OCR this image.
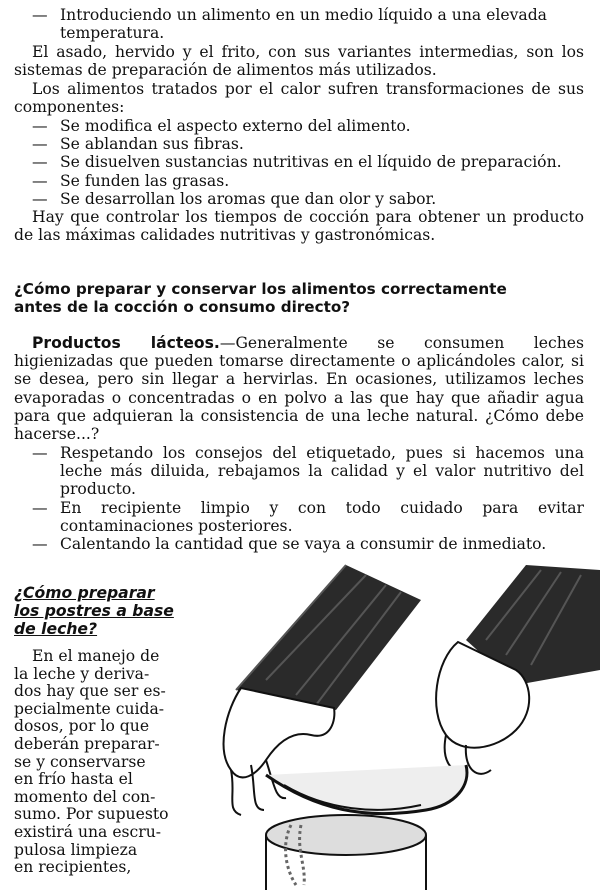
— Introduciendo un alimento en un medio líquido a una elevada
temperatura.
El asado, hervido y el frito, con sus variantes intermedias, son los sistemas de preparación de alimentos más utilizados.
Los alimentos tratados por el calor sufren transformaciones de sus componentes:
— Se modifica el aspecto externo del alimento.
— Se ablandan sus fibras.
— Se disuelven sustancias nutritivas en el líquido de preparación.
— Se funden las grasas.
— Se desarrollan los aromas que dan olor y sabor.
Hay que controlar los tiempos de cocción para obtener un producto de las máximas calidades nutritivas y gastronómicas.
¿Cómo preparar y conservar los alimentos correctamente
antes de la cocción o consumo directo?
Productos lácteos.—Generalmente se consumen leches higienizadas que pueden tomarse directamente o aplicándoles calor, si se desea, pero sin llegar a hervirlas. En ocasiones, utilizamos leches evaporadas o concentradas o en polvo a las que hay que añadir agua para que adquieran la consistencia de una leche natural. ¿Cómo debe hacerse...?
— Respetando los consejos del etiquetado, pues si hacemos una leche más diluida, rebajamos la calidad y el valor nutritivo del producto.
— En recipiente limpio y con todo cuidado para evitar contaminaciones posteriores.
— Calentando la cantidad que se vaya a consumir de inmediato.
¿Cómo preparar
los postres a base
de leche?
En el manejo de
la leche y deriva-
dos hay que ser es-
pecialmente cuida-
dosos, por lo que
deberán preparar-
se y conservarse
en frío hasta el
momento del con-
sumo. Por supuesto
existirá una escru-
pulosa limpieza
en recipientes,
